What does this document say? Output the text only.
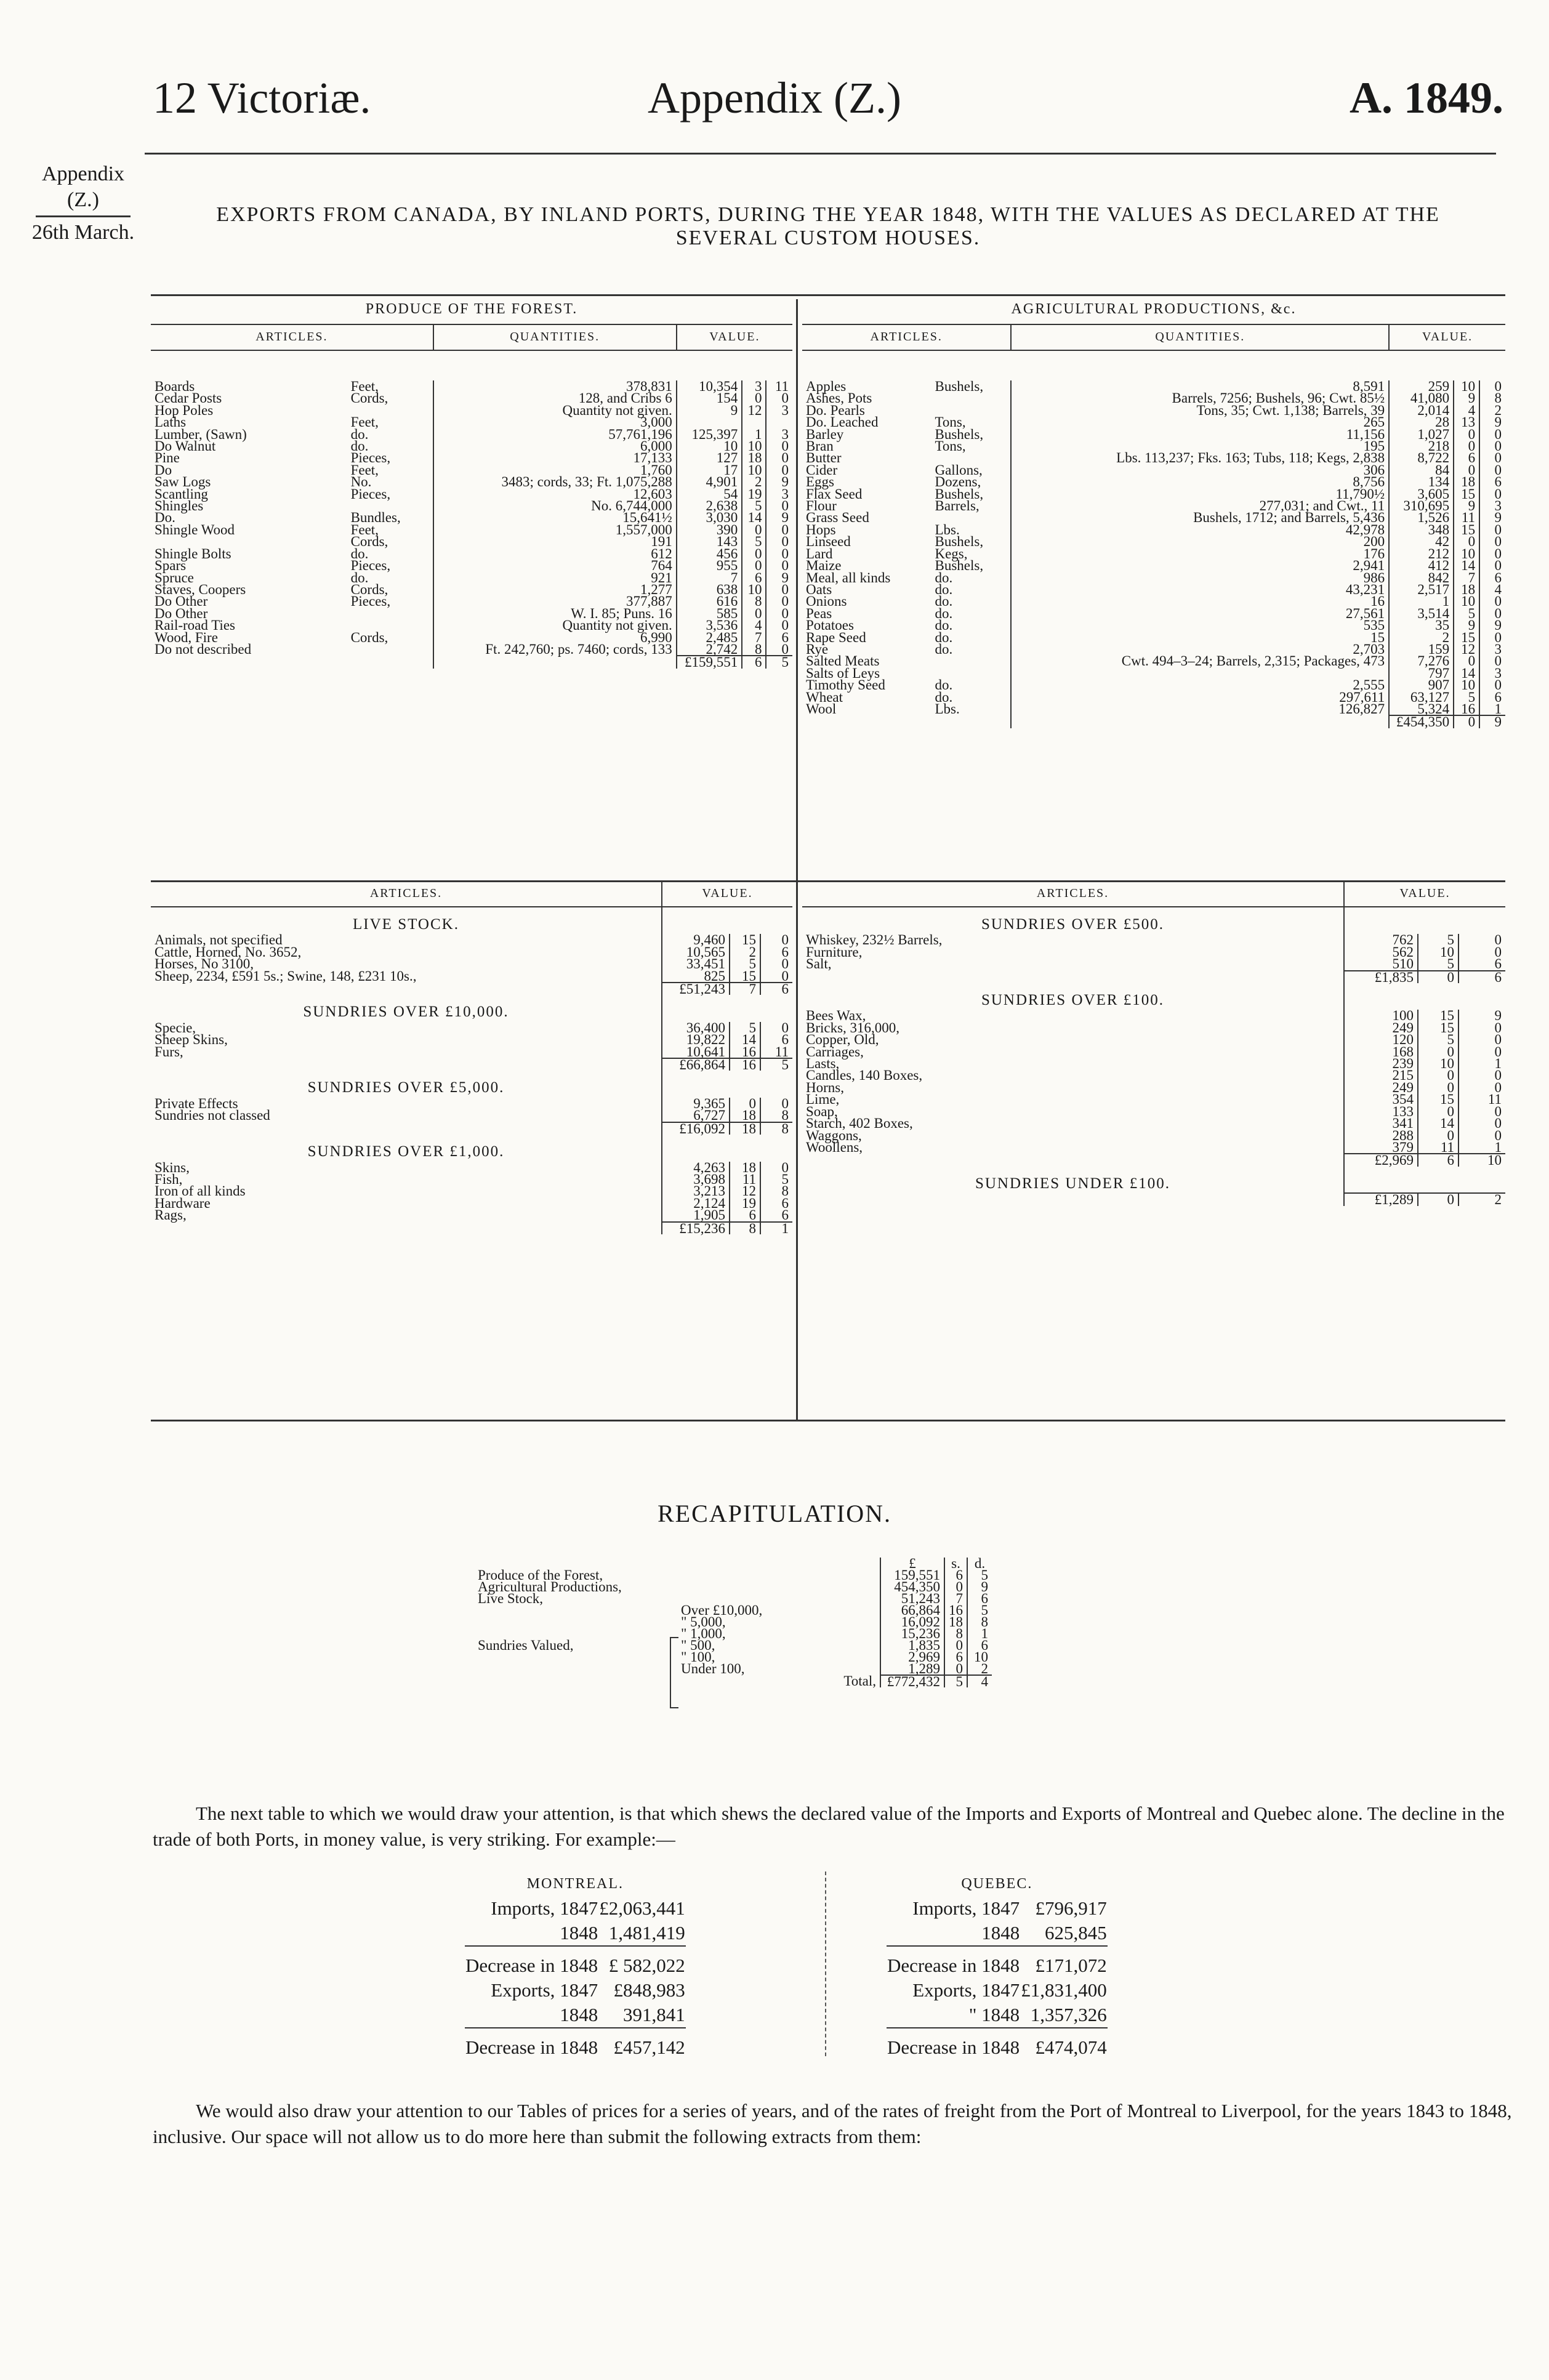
12 Victoriæ.	Appendix (Z.)	A. 1849.
Appendix
(Z.)
26th March.
EXPORTS FROM CANADA, BY INLAND PORTS, DURING THE YEAR 1848, WITH THE VALUES AS DECLARED AT THE
SEVERAL CUSTOM HOUSES.
PRODUCE OF THE FOREST.					
ARTICLES.		QUANTITIES.	VALUE.		

Boards	Feet,	378,831	10,354	3	11
Cedar Posts	Cords,	128, and Cribs 6	154	0	0
Hop Poles		Quantity not given.	9	12	3
Laths	Feet,	3,000			
Lumber, (Sawn)	do.	57,761,196	125,397	1	3
Do Walnut	do.	6,000	10	10	0
Pine	Pieces,	17,133	127	18	0
Do	Feet,	1,760	17	10	0
Saw Logs	No.	3483; cords, 33; Ft. 1,075,288	4,901	2	9
Scantling	Pieces,	12,603	54	19	3
Shingles		No. 6,744,000	2,638	5	0
Do.	Bundles,	15,641½	3,030	14	9
Shingle Wood	Feet,	1,557,000	390	0	0
	Cords,	191	143	5	0
Shingle Bolts	do.	612	456	0	0
Spars	Pieces,	764	955	0	0
Spruce	do.	921	7	6	9
Staves, Coopers	Cords,	1,277	638	10	0
Do Other	Pieces,	377,887	616	8	0
Do Other		W. I. 85; Puns. 16	585	0	0
Rail-road Ties		Quantity not given.	3,536	4	0
Wood, Fire	Cords,	6,990	2,485	7	6
Do not described		Ft. 242,760; ps. 7460; cords, 133	2,742	8	0
			£159,551	6	5
AGRICULTURAL PRODUCTIONS, &c.					
ARTICLES.		QUANTITIES.	VALUE.		

Apples	Bushels,	8,591	259	10	0
Ashes, Pots		Barrels, 7256; Bushels, 96; Cwt. 85½	41,080	9	8
Do. Pearls		Tons, 35; Cwt. 1,138; Barrels, 39	2,014	4	2
Do. Leached	Tons,	265	28	13	9
Barley	Bushels,	11,156	1,027	0	0
Bran	Tons,	195	218	0	0
Butter		Lbs. 113,237; Fks. 163; Tubs, 118; Kegs, 2,838	8,722	6	0
Cider	Gallons,	306	84	0	0
Eggs	Dozens,	8,756	134	18	6
Flax Seed	Bushels,	11,790½	3,605	15	0
Flour	Barrels,	277,031; and Cwt., 11	310,695	9	3
Grass Seed		Bushels, 1712; and Barrels, 5,436	1,526	11	9
Hops	Lbs.	42,978	348	15	0
Linseed	Bushels,	200	42	0	0
Lard	Kegs,	176	212	10	0
Maize	Bushels,	2,941	412	14	0
Meal, all kinds	do.	986	842	7	6
Oats	do.	43,231	2,517	18	4
Onions	do.	16	1	10	0
Peas	do.	27,561	3,514	5	0
Potatoes	do.	535	35	9	9
Rape Seed	do.	15	2	15	0
Rye	do.	2,703	159	12	3
Salted Meats		Cwt. 494–3–24; Barrels, 2,315; Packages, 473	7,276	0	0
Salts of Leys			797	14	3
Timothy Seed	do.	2,555	907	10	0
Wheat	do.	297,611	63,127	5	6
Wool	Lbs.	126,827	5,324	16	1
			£454,350	0	9
ARTICLES.	VALUE.		
LIVE STOCK.			
Animals, not specified	9,460	15	0
Cattle, Horned, No. 3652,	10,565	2	6
Horses, No 3100,	33,451	5	0
Sheep, 2234, £591 5s.; Swine, 148, £231 10s.,	825	15	0
	£51,243	7	6
SUNDRIES OVER £10,000.			
Specie,	36,400	5	0
Sheep Skins,	19,822	14	6
Furs,	10,641	16	11
	£66,864	16	5
SUNDRIES OVER £5,000.			
Private Effects	9,365	0	0
Sundries not classed	6,727	18	8
	£16,092	18	8
SUNDRIES OVER £1,000.			
Skins,	4,263	18	0
Fish,	3,698	11	5
Iron of all kinds	3,213	12	8
Hardware	2,124	19	6
Rags,	1,905	6	6
	£15,236	8	1
ARTICLES.	VALUE.		
SUNDRIES OVER £500.			
Whiskey, 232½ Barrels,	762	5	0
Furniture,	562	10	0
Salt,	510	5	6
	£1,835	0	6
SUNDRIES OVER £100.			
Bees Wax,	100	15	9
Bricks, 316,000,	249	15	0
Copper, Old,	120	5	0
Carriages,	168	0	0
Lasts,	239	10	1
Candles, 140 Boxes,	215	0	0
Horns,	249	0	0
Lime,	354	15	11
Soap,	133	0	0
Starch, 402 Boxes,	341	14	0
Waggons,	288	0	0
Woollens,	379	11	1
	£2,969	6	10
SUNDRIES UNDER £100.			
	£1,289	0	2
RECAPITULATION.
		£	s.	d.
Produce of the Forest,		159,551	6	5
Agricultural Productions,		454,350	0	9
Live Stock,		51,243	7	6
	Over £10,000,	66,864	16	5
	" 5,000,	16,092	18	8
	" 1,000,	15,236	8	1
Sundries Valued,	" 500,	1,835	0	6
	" 100,	2,969	6	10
	Under 100,	1,289	0	2
	Total,	£772,432	5	4
The next table to which we would draw your attention, is that which shews the declared value of the Imports and Exports of Montreal and Quebec alone. The decline in the trade of both Ports, in money value, is very striking. For example:—
MONTREAL.	
Imports, 1847	£2,063,441
1848	1,481,419
Decrease in 1848	£ 582,022
Exports, 1847	£848,983
1848	391,841
Decrease in 1848	£457,142
QUEBEC.	
Imports, 1847	£796,917
1848	625,845
Decrease in 1848	£171,072
Exports, 1847	£1,831,400
" 1848	1,357,326
Decrease in 1848	£474,074
We would also draw your attention to our Tables of prices for a series of years, and of the rates of freight from the Port of Montreal to Liverpool, for the years 1843 to 1848, inclusive. Our space will not allow us to do more here than submit the following extracts from them:
